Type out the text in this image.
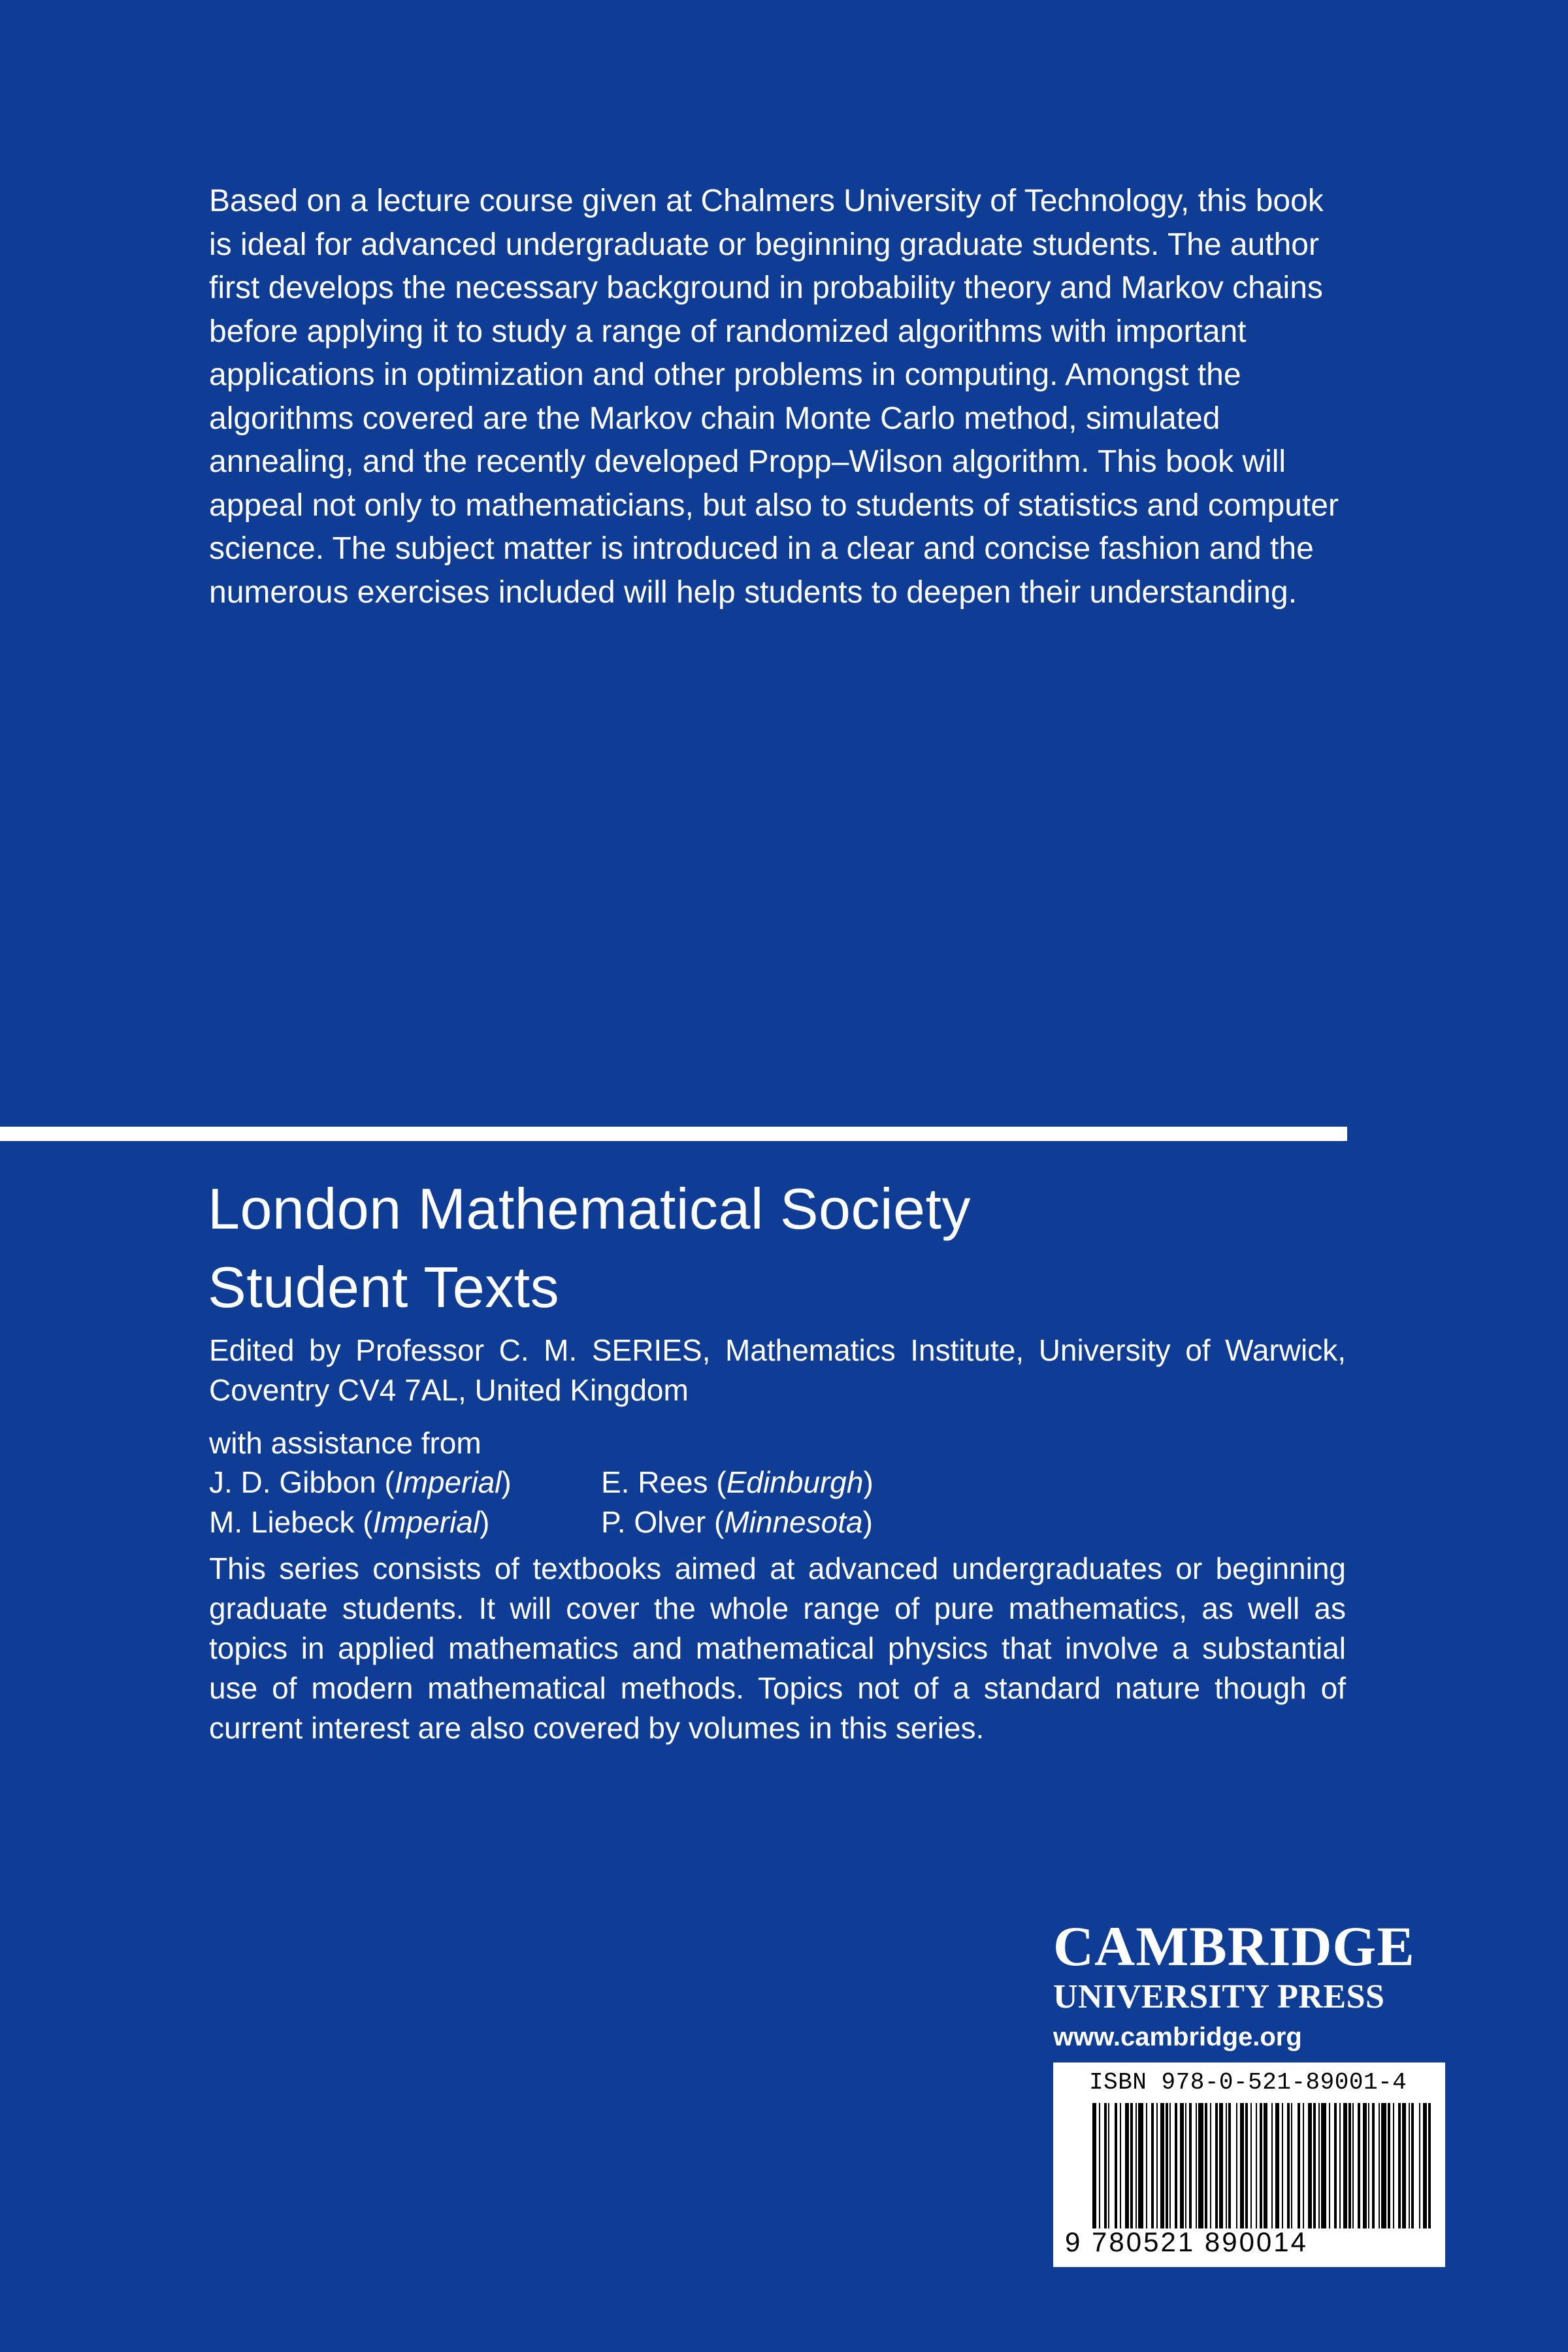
Based on a lecture course given at Chalmers University of Technology, this book is ideal for advanced undergraduate or beginning graduate students. The author first develops the necessary background in probability theory and Markov chains before applying it to study a range of randomized algorithms with important applications in optimization and other problems in computing. Amongst the algorithms covered are the Markov chain Monte Carlo method, simulated annealing, and the recently developed Propp–Wilson algorithm. This book will appeal not only to mathematicians, but also to students of statistics and computer science. The subject matter is introduced in a clear and concise fashion and the numerous exercises included will help students to deepen their understanding.

London Mathematical Society
Student Texts

Edited by Professor C. M. SERIES, Mathematics Institute, University of Warwick, Coventry CV4 7AL, United Kingdom

with assistance from

J. D. Gibbon (Imperial)	E. Rees (Edinburgh)
M. Liebeck (Imperial)	P. Olver (Minnesota)

This series consists of textbooks aimed at advanced undergraduates or beginning graduate students. It will cover the whole range of pure mathematics, as well as topics in applied mathematics and mathematical physics that involve a substantial use of modern mathematical methods. Topics not of a standard nature though of current interest are also covered by volumes in this series.

CAMBRIDGE
UNIVERSITY PRESS
www.cambridge.org
ISBN 978-0-521-89001-4
9 780521 890014
